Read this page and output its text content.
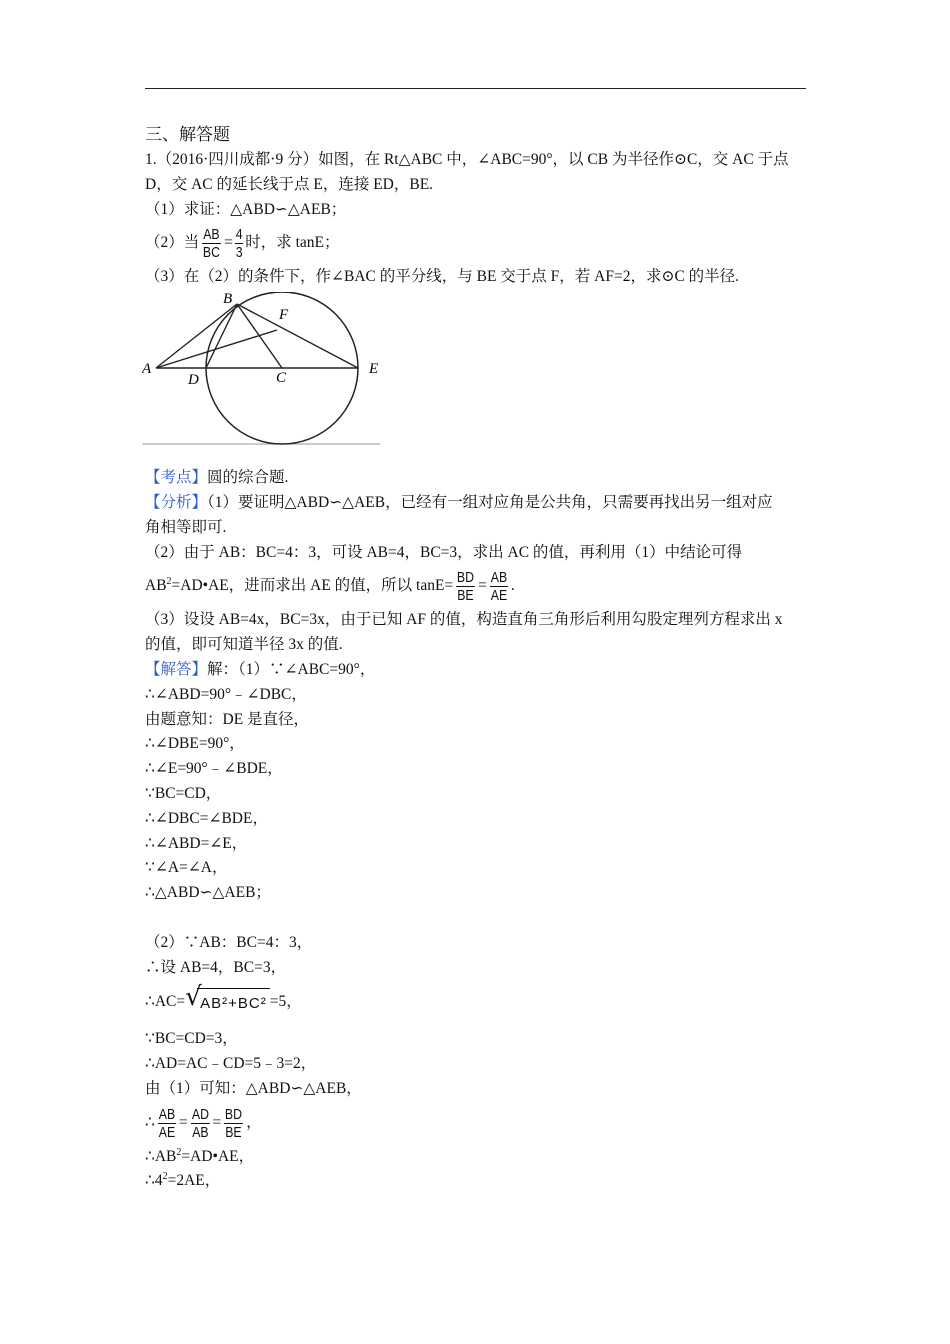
三、解答题
1.（2016·四川成都·9 分）如图，在 Rt△ABC 中，∠ABC=90°，以 CB 为半径作⊙C，交 AC 于点
D，交 AC 的延长线于点 E，连接 ED，BE.
（1）求证：△ABD∽△AEB；
（2）当 $\frac{AB}{BC} = \frac{4}{3}$ 时，求 tanE；
（3）在（2）的条件下，作∠BAC 的平分线，与 BE 交于点 F，若 AF=2，求⊙C 的半径.
A
B
C
D
E
F
【考点】圆的综合题.
【分析】（1）要证明△ABD∽△AEB，已经有一组对应角是公共角，只需要再找出另一组对应
角相等即可.
（2）由于 AB：BC=4：3，可设 AB=4，BC=3，求出 AC 的值，再利用（1）中结论可得
$AB^2=AD•AE$，进而求出 AE 的值，所以 $\tan E= \frac{BD}{BE} = \frac{AB}{AE}$ .
（3）设设 AB=4x，BC=3x，由于已知 AF 的值，构造直角三角形后利用勾股定理列方程求出 x
的值，即可知道半径 3x 的值.
【解答】解：（1）∵∠ABC=90°，
∴∠ABD=90°﹣∠DBC，
由题意知：DE 是直径，
∴∠DBE=90°，
∴∠E=90°﹣∠BDE，
∵BC=CD，
∴∠DBC=∠BDE，
∴∠ABD=∠E，
∵∠A=∠A，
∴△ABD∽△AEB；
（2）∵AB：BC=4：3，
∴设 AB=4，BC=3，
∴AC= √
AB²+BC² =5，
∵BC=CD=3，
∴AD=AC﹣CD=5﹣3=2，
由（1）可知：△ABD∽△AEB，
∴ $\frac{AB}{AE} = \frac{AD}{AB} = \frac{BD}{BE}$ ，
$\therefore AB^2=AD•AE$，
$\therefore 4^2=2AE$，
